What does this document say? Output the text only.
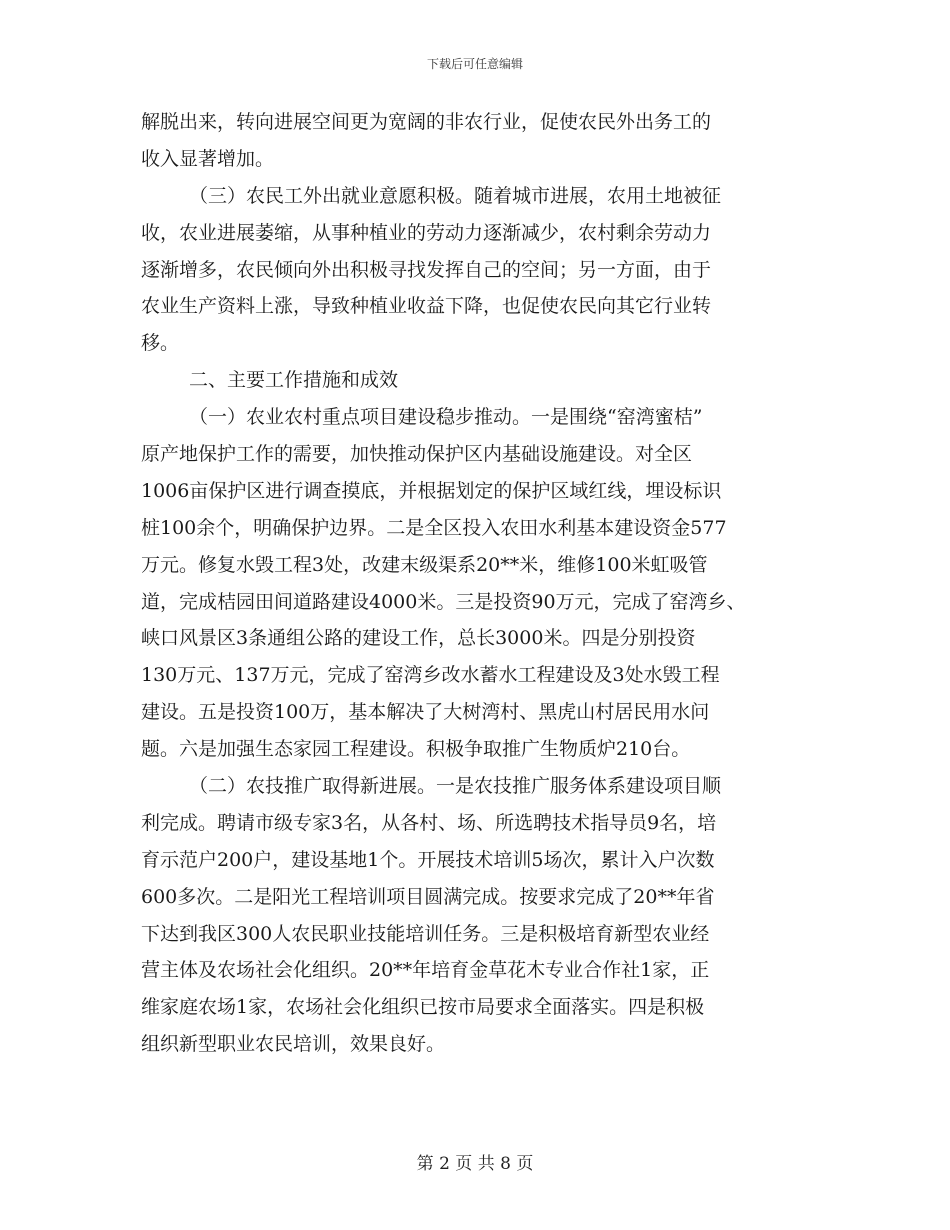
下载后可任意编辑
解脱出来，转向进展空间更为宽阔的非农行业，促使农民外出务工的
收入显著增加。
（三）农民工外出就业意愿积极。随着城市进展，农用土地被征
收，农业进展萎缩，从事种植业的劳动力逐渐减少，农村剩余劳动力
逐渐增多，农民倾向外出积极寻找发挥自己的空间；另一方面，由于
农业生产资料上涨，导致种植业收益下降，也促使农民向其它行业转
移。
二、主要工作措施和成效
（一）农业农村重点项目建设稳步推动。一是围绕“窑湾蜜桔”
原产地保护工作的需要，加快推动保护区内基础设施建设。对全区
1006亩保护区进行调查摸底，并根据划定的保护区域红线，埋设标识
桩100余个，明确保护边界。二是全区投入农田水利基本建设资金577
万元。修复水毁工程3处，改建末级渠系20**米，维修100米虹吸管
道，完成桔园田间道路建设4000米。三是投资90万元，完成了窑湾乡、
峡口风景区3条通组公路的建设工作，总长3000米。四是分别投资
130万元、137万元，完成了窑湾乡改水蓄水工程建设及3处水毁工程
建设。五是投资100万，基本解决了大树湾村、黑虎山村居民用水问
题。六是加强生态家园工程建设。积极争取推广生物质炉210台。
（二）农技推广取得新进展。一是农技推广服务体系建设项目顺
利完成。聘请市级专家3名，从各村、场、所选聘技术指导员9名，培
育示范户200户，建设基地1个。开展技术培训5场次，累计入户次数
600多次。二是阳光工程培训项目圆满完成。按要求完成了20**年省
下达到我区300人农民职业技能培训任务。三是积极培育新型农业经
营主体及农场社会化组织。20**年培育金草花木专业合作社1家，正
维家庭农场1家，农场社会化组织已按市局要求全面落实。四是积极
组织新型职业农民培训，效果良好。
第 2 页 共 8 页
